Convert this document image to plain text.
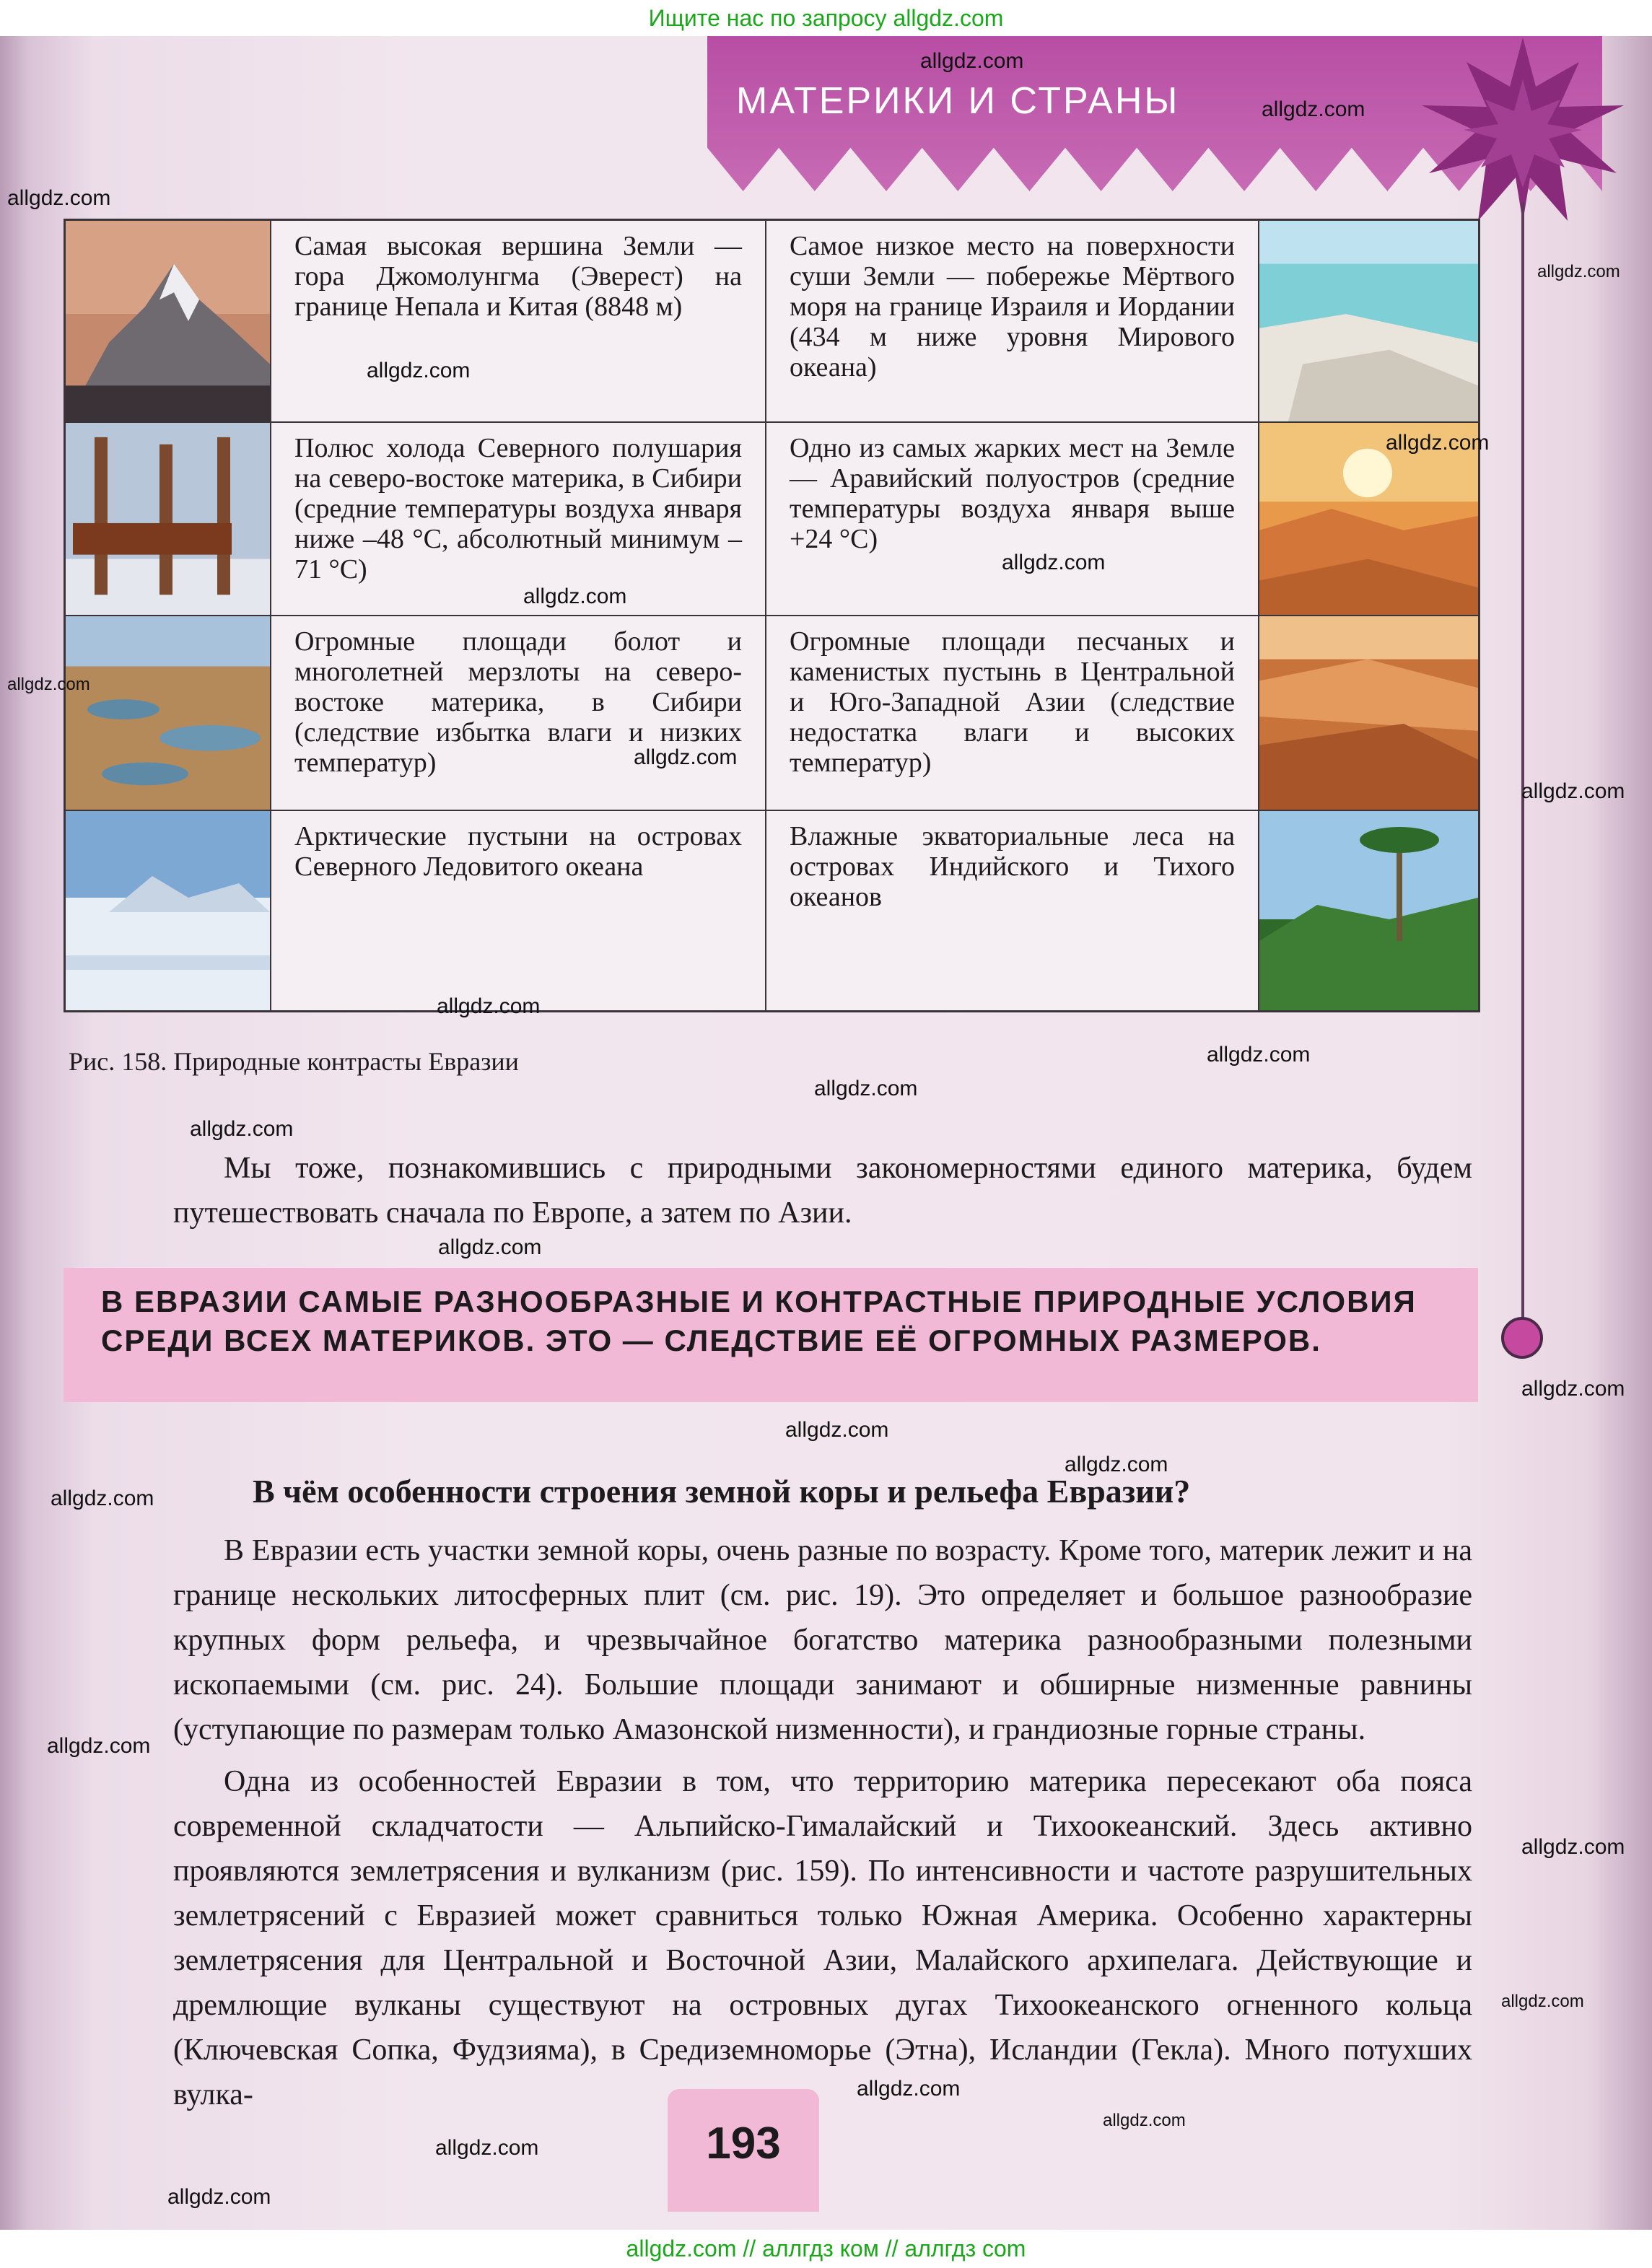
Ищите нас по запросу allgdz.com
МАТЕРИКИ И СТРАНЫ
Самая высокая вершина Земли — гора Джомолунгма (Эверест) на границе Непала и Китая (8848 м)
Самое низкое место на поверхности суши Земли — побережье Мёртвого моря на границе Израиля и Иордании (434 м ниже уровня Мирового океана)
Полюс холода Северного полушария на северо-востоке материка, в Сибири (средние температуры воздуха января ниже –48 °С, абсолютный минимум –71 °С)
Одно из самых жарких мест на Земле — Аравийский полуостров (средние температуры воздуха января выше +24 °С)
Огромные площади болот и многолетней мерзлоты на северо-востоке материка, в Сибири (следствие избытка влаги и низких температур)
Огромные площади песчаных и каменистых пустынь в Центральной и Юго-Западной Азии (следствие недостатка влаги и высоких температур)
Арктические пустыни на островах Северного Ледовитого океана
Влажные экваториальные леса на островах Индийского и Тихого океанов
Рис. 158. Природные контрасты Евразии
Мы тоже, познакомившись с природными закономерностями единого материка, будем путешествовать сначала по Европе, а затем по Азии.
В ЕВРАЗИИ САМЫЕ РАЗНООБРАЗНЫЕ И КОНТРАСТНЫЕ ПРИРОДНЫЕ УСЛОВИЯ СРЕДИ ВСЕХ МАТЕРИКОВ. ЭТО — СЛЕДСТВИЕ ЕЁ ОГРОМНЫХ РАЗМЕРОВ.
В чём особенности строения земной коры и рельефа Евразии?
В Евразии есть участки земной коры, очень разные по возрасту. Кроме того, материк лежит и на границе нескольких литосферных плит (см. рис. 19). Это определяет и большое разнообразие крупных форм рельефа, и чрезвычайное богатство материка разнообразными полезными ископаемыми (см. рис. 24). Большие площади занимают и обширные низменные равнины (уступающие по размерам только Амазонской низменности), и грандиозные горные страны.
Одна из особенностей Евразии в том, что территорию материка пересекают оба пояса современной складчатости — Альпийско-Гималайский и Тихоокеанский. Здесь активно проявляются землетрясения и вулканизм (рис. 159). По интенсивности и частоте разрушительных землетрясений с Евразией может сравниться только Южная Америка. Особенно характерны землетрясения для Центральной и Восточной Азии, Малайского архипелага. Действующие и дремлющие вулканы существуют на островных дугах Тихоокеанского огненного кольца (Ключевская Сопка, Фудзияма), в Средиземноморье (Этна), Исландии (Гекла). Много потухших вулка-
193
allgdz.com
allgdz.com
allgdz.com
allgdz.com
allgdz.com
allgdz.com
allgdz.com
allgdz.com
allgdz.com
allgdz.com
allgdz.com
allgdz.com
allgdz.com
allgdz.com
allgdz.com
allgdz.com
allgdz.com
allgdz.com
allgdz.com
allgdz.com
allgdz.com
allgdz.com
allgdz.com
allgdz.com
allgdz.com
allgdz.com
allgdz.com
allgdz.com // аллгдз ком // аллгдз com
